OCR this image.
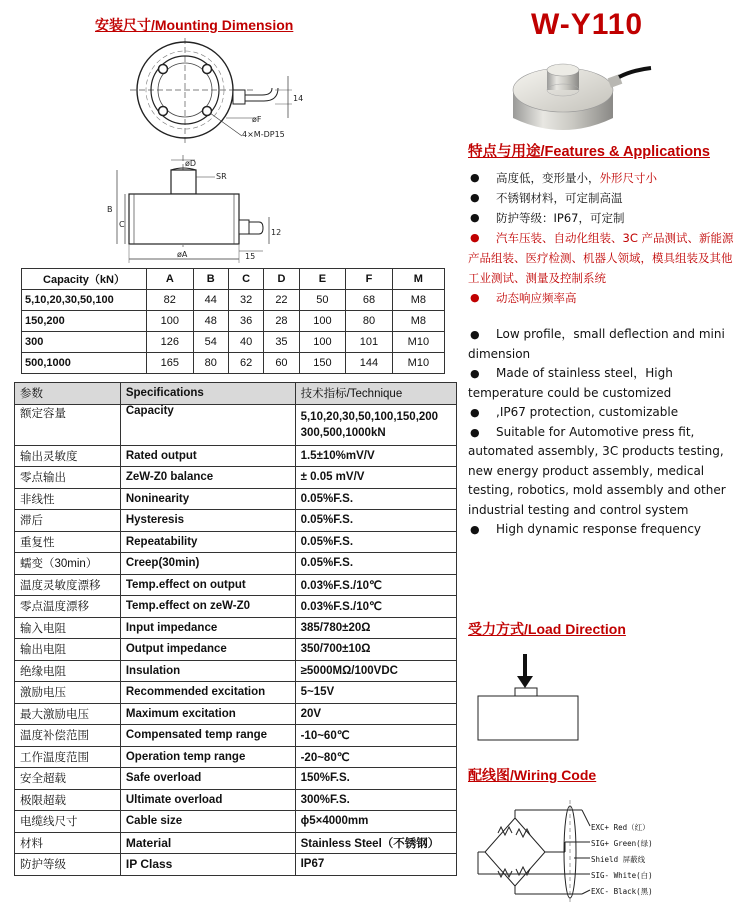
安装尺寸/Mounting Dimension
14
øF
4×M-DP15
øD
SR
B
C
12
øA	15
W-Y110
Capacity（kN）	A	B	C	D	E	F	M
5,10,20,30,50,100	82	44	32	22	50	68	M8
150,200	100	48	36	28	100	80	M8
300	126	54	40	35	100	101	M10
500,1000	165	80	62	60	150	144	M10
参数	Specifications	技术指标/Technique
额定容量	Capacity	5,10,20,30,50,100,150,200
300,500,1000kN

输出灵敏度	Rated output	1.5±10%mV/V

零点输出	ZeW-Z0 balance	± 0.05 mV/V

非线性	Noninearity	0.05%F.S.

滞后	Hysteresis	0.05%F.S.

重复性	Repeatability	0.05%F.S.

蠕变（30min）	Creep(30min)	0.05%F.S.

温度灵敏度漂移	Temp.effect on output	0.03%F.S./10℃

零点温度漂移	Temp.effect on zeW-Z0	0.03%F.S./10℃

输入电阻	Input impedance	385/780±20Ω

输出电阻	Output impedance	350/700±10Ω

绝缘电阻	Insulation	≥5000MΩ/100VDC

激励电压	Recommended excitation	5~15V

最大激励电压	Maximum excitation	20V

温度补偿范围	Compensated temp range	-10~60℃

工作温度范围	Operation temp range	-20~80℃

安全超载	Safe overload	150%F.S.

极限超载	Ultimate overload	300%F.S.

电缆线尺寸	Cable size	ϕ5×4000mm

材料	Material	Stainless Steel（不锈钢）

防护等级	IP Class	IP67
特点与用途/Features & Applications
● 高度低，变形量小，外形尺寸小
● 不锈钢材料，可定制高温
● 防护等级：IP67，可定制
● 汽车压装、自动化组装、3C 产品测试、新能源产品组装、医疗检测、机器人领域，模具组装及其他工业测试、测量及控制系统
● 动态响应频率高
● Low profile，small deflection and mini dimension
● Made of stainless steel，High temperature could be customized
● ,IP67 protection, customizable
● Suitable for Automotive press fit, automated assembly, 3C products testing, new energy product assembly, medical testing, robotics, mold assembly and other industrial testing and control system
● High dynamic response frequency
受力方式/Load Direction
配线图/Wiring Code
EXC+ Red（红）
SIG+ Green(绿)
Shield 屏蔽线
SIG- White(白)
EXC- Black(黑)
